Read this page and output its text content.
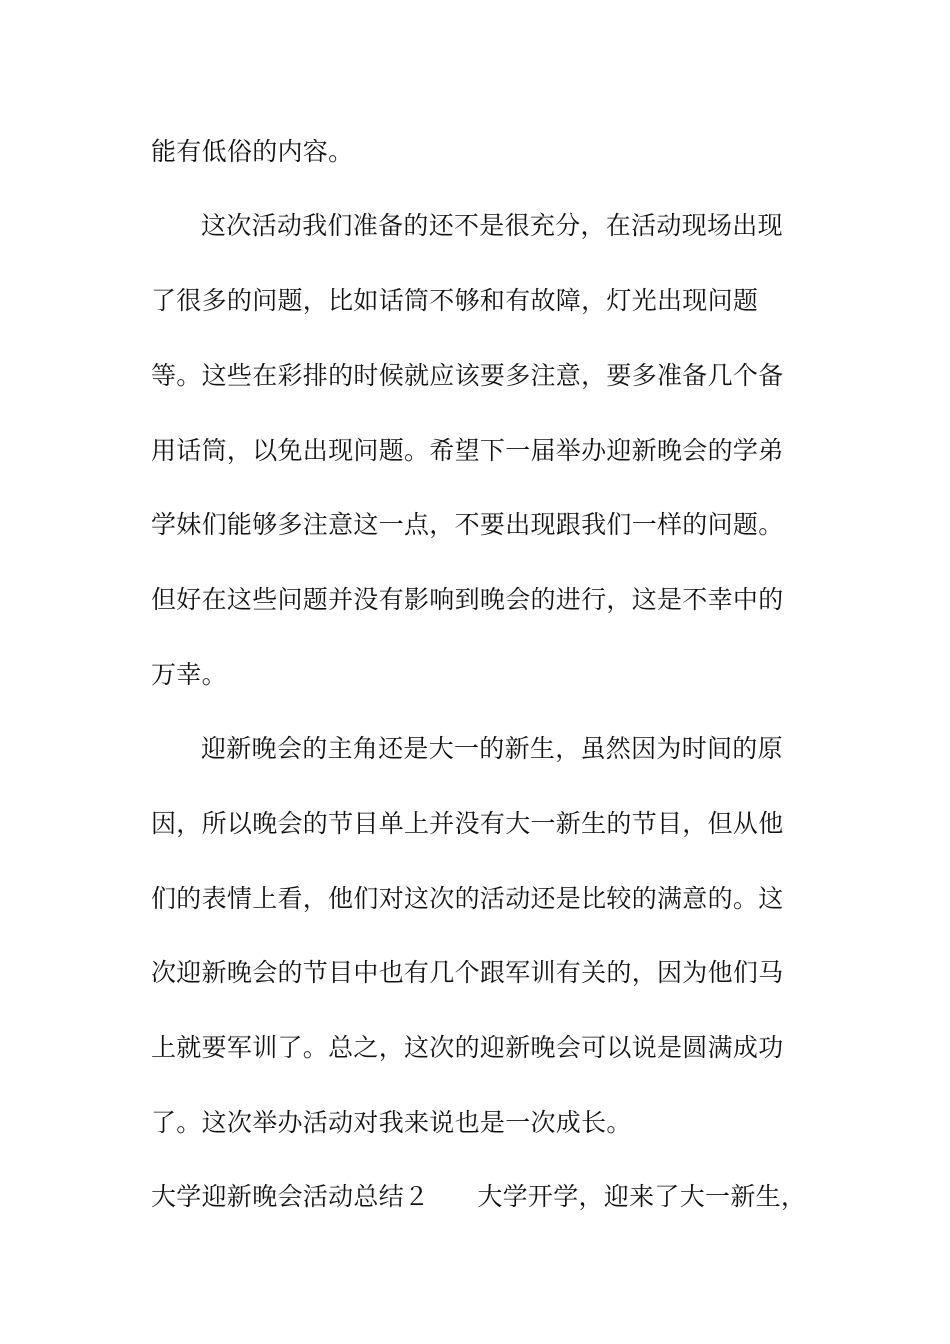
能有低俗的内容。
这次活动我们准备的还不是很充分，在活动现场出现
了很多的问题，比如话筒不够和有故障，灯光出现问题
等。这些在彩排的时候就应该要多注意，要多准备几个备
用话筒，以免出现问题。希望下一届举办迎新晚会的学弟
学妹们能够多注意这一点，不要出现跟我们一样的问题。
但好在这些问题并没有影响到晚会的进行，这是不幸中的
万幸。
迎新晚会的主角还是大一的新生，虽然因为时间的原
因，所以晚会的节目单上并没有大一新生的节目，但从他
们的表情上看，他们对这次的活动还是比较的满意的。这
次迎新晚会的节目中也有几个跟军训有关的，因为他们马
上就要军训了。总之，这次的迎新晚会可以说是圆满成功
了。这次举办活动对我来说也是一次成长。
大学迎新晚会活动总结２ 大学开学，迎来了大一新生，
